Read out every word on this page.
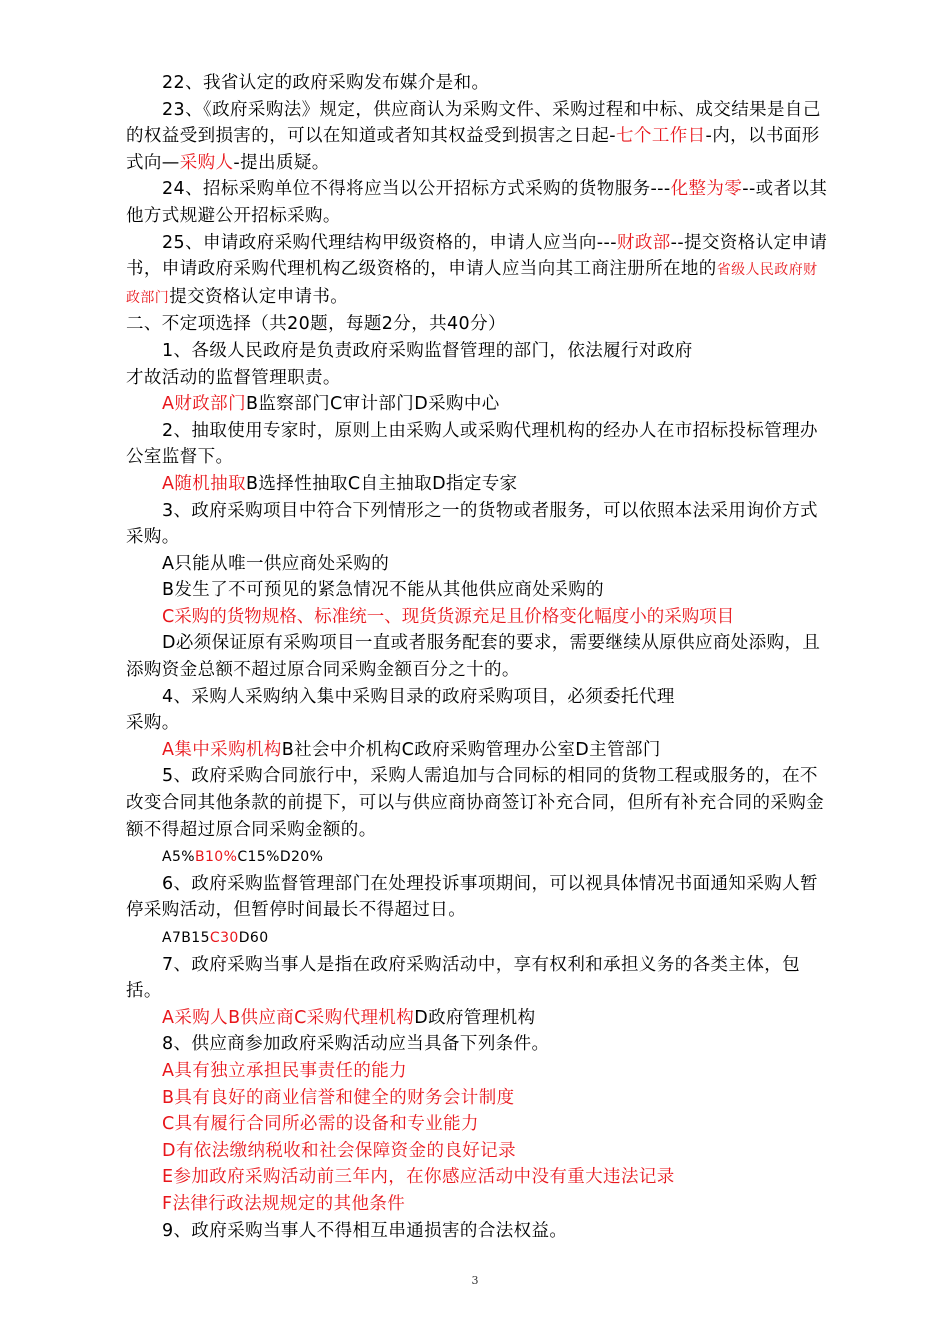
22、我省认定的政府采购发布媒介是和。

23、《政府采购法》规定，供应商认为采购文件、采购过程和中标、成交结果是自己的权益受到损害的，可以在知道或者知其权益受到损害之日起-七个工作日-内，以书面形式向—采购人-提出质疑。

24、招标采购单位不得将应当以公开招标方式采购的货物服务---化整为零--或者以其他方式规避公开招标采购。

25、申请政府采购代理结构甲级资格的，申请人应当向---财政部--提交资格认定申请书，申请政府采购代理机构乙级资格的，申请人应当向其工商注册所在地的省级人民政府财政部门提交资格认定申请书。

二、不定项选择（共20题，每题2分，共40分）

1、各级人民政府是负责政府采购监督管理的部门，依法履行对政府

才故活动的监督管理职责。

A财政部门B监察部门C审计部门D采购中心

2、抽取使用专家时，原则上由采购人或采购代理机构的经办人在市招标投标管理办公室监督下。

A随机抽取B选择性抽取C自主抽取D指定专家

3、政府采购项目中符合下列情形之一的货物或者服务，可以依照本法采用询价方式采购。

A只能从唯一供应商处采购的

B发生了不可预见的紧急情况不能从其他供应商处采购的

C采购的货物规格、标准统一、现货货源充足且价格变化幅度小的采购项目

D必须保证原有采购项目一直或者服务配套的要求，需要继续从原供应商处添购，且添购资金总额不超过原合同采购金额百分之十的。

4、采购人采购纳入集中采购目录的政府采购项目，必须委托代理

采购。

A集中采购机构B社会中介机构C政府采购管理办公室D主管部门

5、政府采购合同旅行中，采购人需追加与合同标的相同的货物工程或服务的，在不改变合同其他条款的前提下，可以与供应商协商签订补充合同，但所有补充合同的采购金额不得超过原合同采购金额的。

A5%B10%C15%D20%

6、政府采购监督管理部门在处理投诉事项期间，可以视具体情况书面通知采购人暂停采购活动，但暂停时间最长不得超过日。

A7B15C30D60

7、政府采购当事人是指在政府采购活动中，享有权利和承担义务的各类主体，包括。

A采购人B供应商C采购代理机构D政府管理机构

8、供应商参加政府采购活动应当具备下列条件。

A具有独立承担民事责任的能力

B具有良好的商业信誉和健全的财务会计制度

C具有履行合同所必需的设备和专业能力

D有依法缴纳税收和社会保障资金的良好记录

E参加政府采购活动前三年内，在你感应活动中没有重大违法记录

F法律行政法规规定的其他条件

9、政府采购当事人不得相互串通损害的合法权益。

3
